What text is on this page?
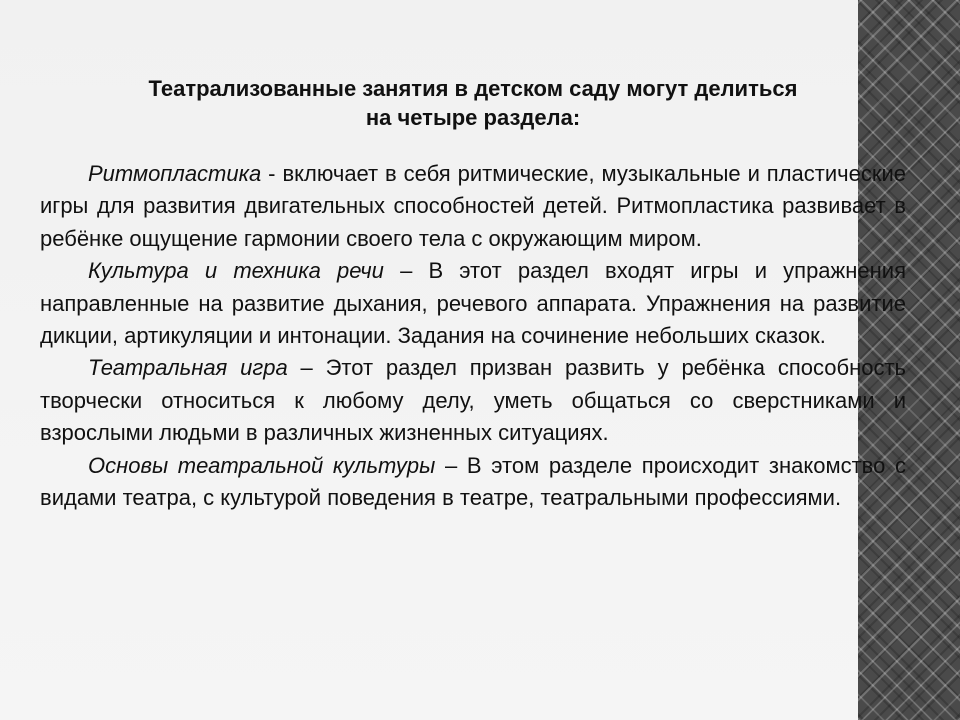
Театрализованные занятия в детском саду могут делиться
на четыре раздела:

Ритмопластика - включает в себя ритмические, музыкальные и пластические игры для развития двигательных способностей детей. Ритмопластика развивает в ребёнке ощущение гармонии своего тела с окружающим миром.

Культура и техника речи – В этот раздел входят игры и упражнения направленные на развитие дыхания, речевого аппарата. Упражнения на развитие дикции, артикуляции и интонации. Задания на сочинение небольших сказок.

Театральная игра – Этот раздел призван развить у ребёнка способность творчески относиться к любому делу, уметь общаться со сверстниками и взрослыми людьми в различных жизненных ситуациях.

Основы театральной культуры – В этом разделе происходит знакомство с видами театра, с культурой поведения в театре, театральными профессиями.
